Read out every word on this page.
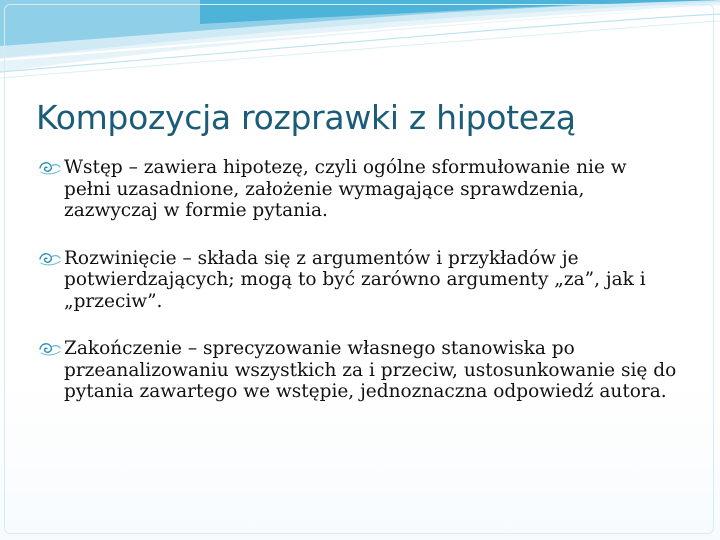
Kompozycja rozprawki z hipotezą
Wstęp – zawiera hipotezę, czyli ogólne sformułowanie nie w pełni uzasadnione, założenie wymagające sprawdzenia, zazwyczaj w formie pytania.
Rozwinięcie – składa się z argumentów i przykładów je potwierdzających; mogą to być zarówno argumenty „za”, jak i „przeciw”.
Zakończenie – sprecyzowanie własnego stanowiska po przeanalizowaniu wszystkich za i przeciw, ustosunkowanie się do pytania zawartego we wstępie, jednoznaczna odpowiedź autora.
